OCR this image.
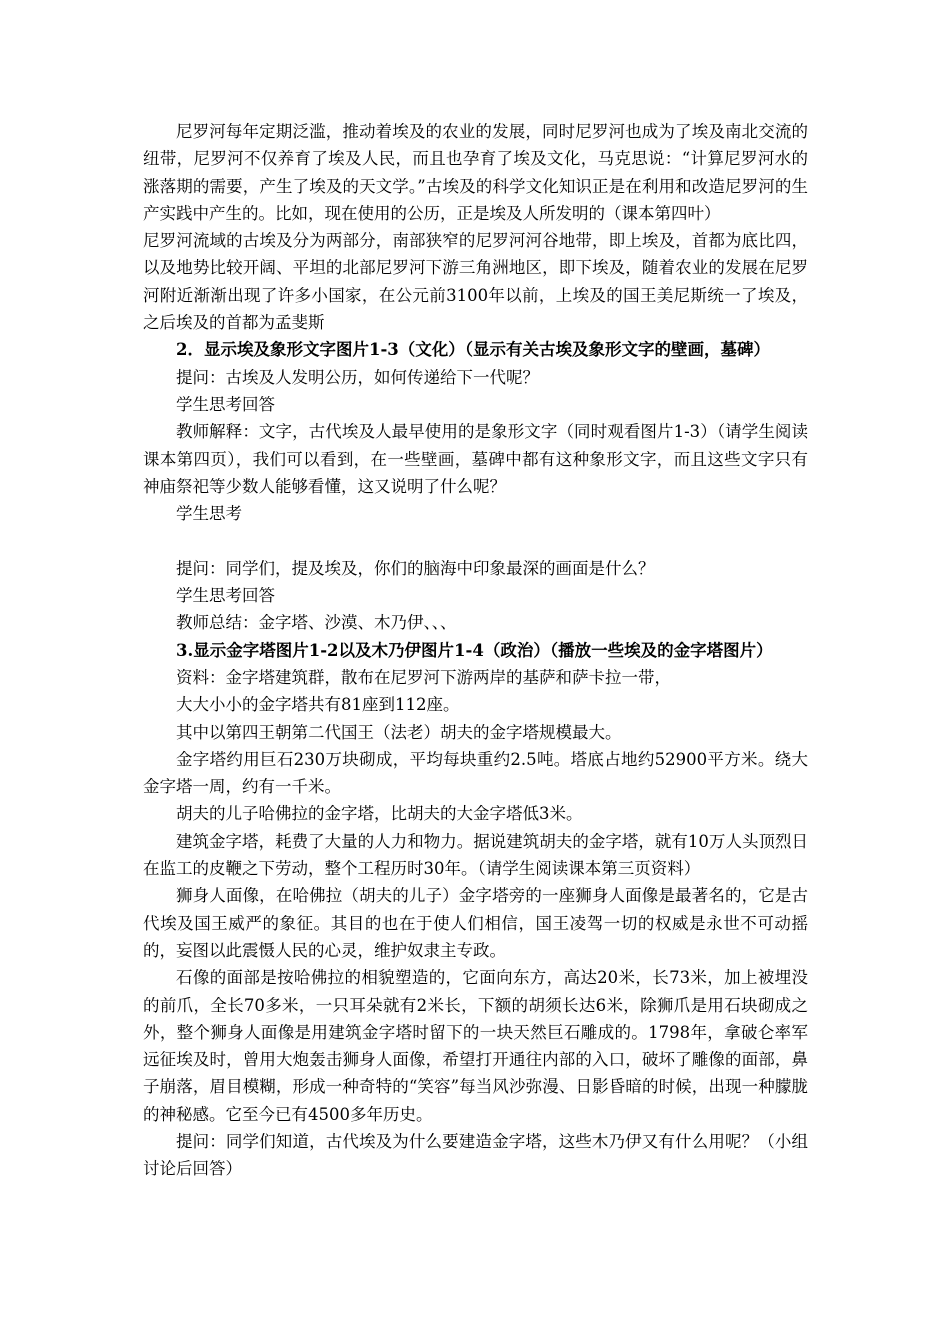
尼罗河每年定期泛滥，推动着埃及的农业的发展，同时尼罗河也成为了埃及南北交流的纽带，尼罗河不仅养育了埃及人民，而且也孕育了埃及文化，马克思说：“计算尼罗河水的涨落期的需要，产生了埃及的天文学。”古埃及的科学文化知识正是在利用和改造尼罗河的生产实践中产生的。比如，现在使用的公历，正是埃及人所发明的（课本第四叶）

尼罗河流域的古埃及分为两部分，南部狭窄的尼罗河河谷地带，即上埃及，首都为底比四，以及地势比较开阔、平坦的北部尼罗河下游三角洲地区，即下埃及，随着农业的发展在尼罗河附近渐渐出现了许多小国家，在公元前3100年以前，上埃及的国王美尼斯统一了埃及，之后埃及的首都为孟斐斯

2．显示埃及象形文字图片1-3（文化）（显示有关古埃及象形文字的壁画，墓碑）

提问：古埃及人发明公历，如何传递给下一代呢？

学生思考回答

教师解释：文字，古代埃及人最早使用的是象形文字（同时观看图片1-3）（请学生阅读课本第四页），我们可以看到，在一些壁画，墓碑中都有这种象形文字，而且这些文字只有神庙祭祀等少数人能够看懂，这又说明了什么呢？

学生思考

提问：同学们，提及埃及，你们的脑海中印象最深的画面是什么？

学生思考回答

教师总结：金字塔、沙漠、木乃伊、、、

3.显示金字塔图片1-2以及木乃伊图片1-4（政治）（播放一些埃及的金字塔图片）

资料：金字塔建筑群，散布在尼罗河下游两岸的基萨和萨卡拉一带，

大大小小的金字塔共有81座到112座。

其中以第四王朝第二代国王（法老）胡夫的金字塔规模最大。

金字塔约用巨石230万块砌成，平均每块重约2.5吨。塔底占地约52900平方米。绕大金字塔一周，约有一千米。

胡夫的儿子哈佛拉的金字塔，比胡夫的大金字塔低3米。

建筑金字塔，耗费了大量的人力和物力。据说建筑胡夫的金字塔，就有10万人头顶烈日在监工的皮鞭之下劳动，整个工程历时30年。（请学生阅读课本第三页资料）

狮身人面像，在哈佛拉（胡夫的儿子）金字塔旁的一座狮身人面像是最著名的，它是古代埃及国王威严的象征。其目的也在于使人们相信，国王凌驾一切的权威是永世不可动摇的，妄图以此震慑人民的心灵，维护奴隶主专政。

石像的面部是按哈佛拉的相貌塑造的，它面向东方，高达20米，长73米，加上被埋没的前爪，全长70多米，一只耳朵就有2米长，下额的胡须长达6米，除狮爪是用石块砌成之外，整个狮身人面像是用建筑金字塔时留下的一块天然巨石雕成的。1798年，拿破仑率军远征埃及时，曾用大炮轰击狮身人面像，希望打开通往内部的入口，破坏了雕像的面部，鼻子崩落，眉目模糊，形成一种奇特的“笑容”每当风沙弥漫、日影昏暗的时候，出现一种朦胧的神秘感。它至今已有4500多年历史。

提问：同学们知道，古代埃及为什么要建造金字塔，这些木乃伊又有什么用呢？（小组讨论后回答）
